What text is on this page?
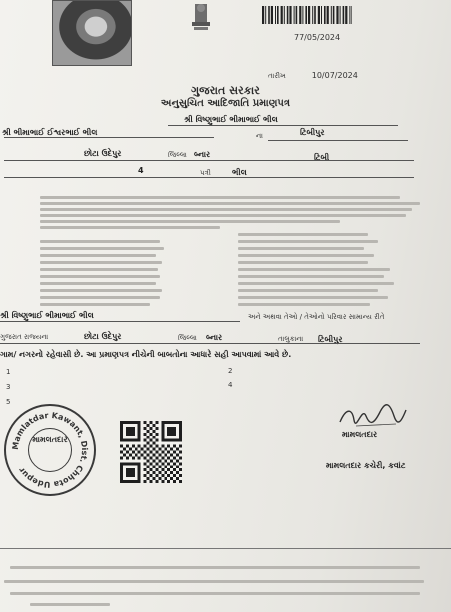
77/05/2024
તારીખ	10/07/2024
ગુજરાત સરકાર
અનુસુચિત આદિજાતિ પ્રમાણપત્ર
શ્રી વિષ્ણુભાઈ ભીમાભાઈ ભીલ
શ્રી ભીમાભાઈ ઈશ્વરભાઈ ભીલ	ના	ટિંબીપુર
છોટા ઉદેપુર	જિલ્લા બ્નાર	ટિંબી
4	પત્રી	ભીલ
શ્રી વિષ્ણુભાઈ ભીમાભાઈ ભીલ	અને અથવા તેઓ / તેઓનો પરિવાર સામાન્ય રીતે
ગુજરાત રાજ્યના	છોટા ઉદેપુર	જિલ્લા બ્નાર	તાલુકાના ટિંબીપુર
ગામ/ નગરનો રહેવાસી છે. આ પ્રમાણપત્ર નીચેની બાબતોના આધારે સહી આપવામાં આવે છે.
1	2
3	4
5
Mamlatdar Kawant, Dist. Chhota Udepur
મામલતદાર
મામલતદાર
મામલતદાર કચેરી, કવાંટ
